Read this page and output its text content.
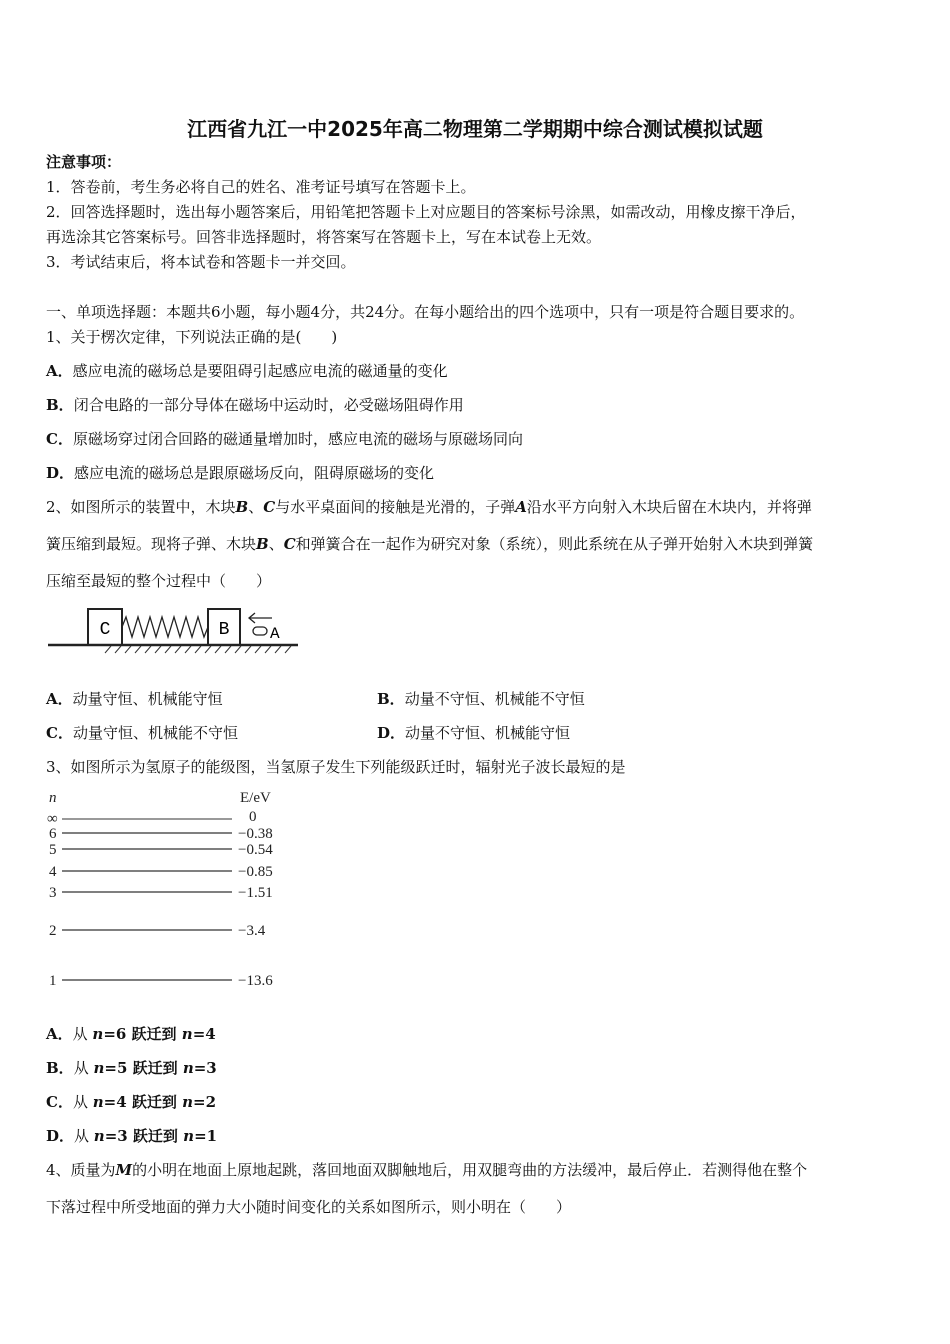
江西省九江一中2025年高二物理第二学期期中综合测试模拟试题
注意事项：
1．答卷前，考生务必将自己的姓名、准考证号填写在答题卡上。
2．回答选择题时，选出每小题答案后，用铅笔把答题卡上对应题目的答案标号涂黑，如需改动，用橡皮擦干净后，
再选涂其它答案标号。回答非选择题时，将答案写在答题卡上，写在本试卷上无效。
3．考试结束后，将本试卷和答题卡一并交回。
一、单项选择题：本题共6小题，每小题4分，共24分。在每小题给出的四个选项中，只有一项是符合题目要求的。
1、关于楞次定律，下列说法正确的是(　　)
A．感应电流的磁场总是要阻碍引起感应电流的磁通量的变化
B．闭合电路的一部分导体在磁场中运动时，必受磁场阻碍作用
C．原磁场穿过闭合回路的磁通量增加时，感应电流的磁场与原磁场同向
D．感应电流的磁场总是跟原磁场反向，阻碍原磁场的变化
2、如图所示的装置中，木块B、C与水平桌面间的接触是光滑的，子弹A沿水平方向射入木块后留在木块内，并将弹
簧压缩到最短。现将子弹、木块B、C和弹簧合在一起作为研究对象（系统），则此系统在从子弹开始射入木块到弹簧
压缩至最短的整个过程中（　　）
C	B	A
A．动量守恒、机械能守恒	B．动量不守恒、机械能不守恒
C．动量守恒、机械能不守恒	D．动量不守恒、机械能守恒
3、如图所示为氢原子的能级图，当氢原子发生下列能级跃迁时，辐射光子波长最短的是
n	E/eV
∞	0
6	−0.38
5	−0.54
4	−0.85
3	−1.51
2	−3.4
1	−13.6
A．从 n=6 跃迁到 n=4
B．从 n=5 跃迁到 n=3
C．从 n=4 跃迁到 n=2
D．从 n=3 跃迁到 n=1
4、质量为M的小明在地面上原地起跳，落回地面双脚触地后，用双腿弯曲的方法缓冲，最后停止．若测得他在整个
下落过程中所受地面的弹力大小随时间变化的关系如图所示，则小明在（　　）
